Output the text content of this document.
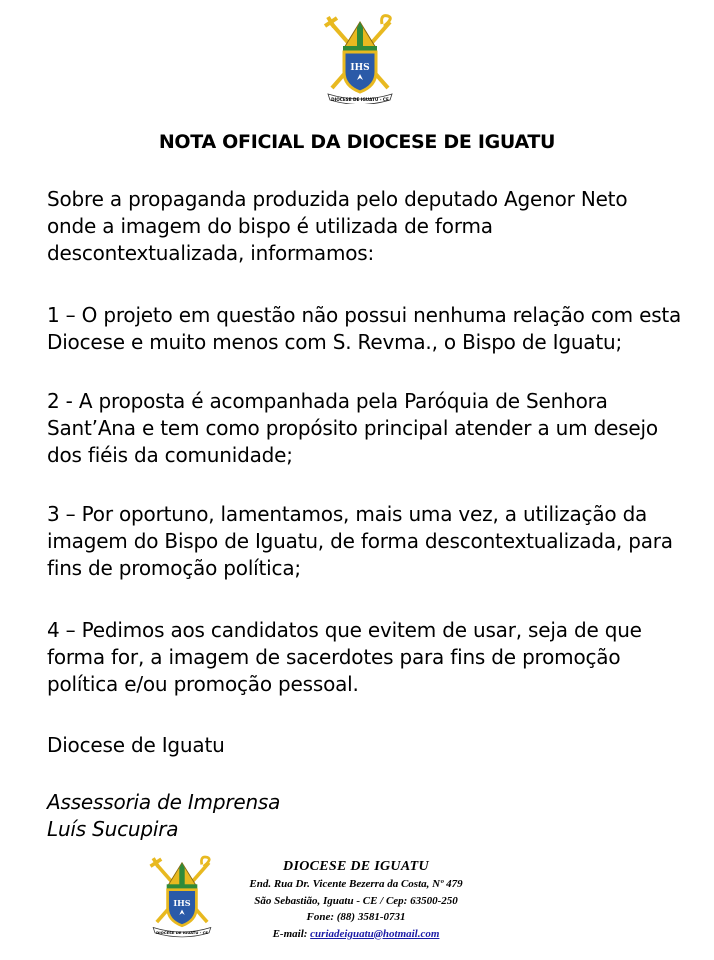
IHS
DIOCESE DE IGUATU - CE
NOTA OFICIAL DA DIOCESE DE IGUATU
Sobre a propaganda produzida pelo deputado Agenor Neto
onde a imagem do bispo é utilizada de forma
descontextualizada, informamos:
1 – O projeto em questão não possui nenhuma relação com esta
Diocese e muito menos com S. Revma., o Bispo de Iguatu;
2 - A proposta é acompanhada pela Paróquia de Senhora
Sant’Ana e tem como propósito principal atender a um desejo
dos fiéis da comunidade;
3 – Por oportuno, lamentamos, mais uma vez, a utilização da
imagem do Bispo de Iguatu, de forma descontextualizada, para
fins de promoção política;
4 – Pedimos aos candidatos que evitem de usar, seja de que
forma for, a imagem de sacerdotes para fins de promoção
política e/ou promoção pessoal.
Diocese de Iguatu
Assessoria de Imprensa
Luís Sucupira
IHS
DIOCESE DE IGUATU - CE
DIOCESE DE IGUATU
End. Rua Dr. Vicente Bezerra da Costa, Nº 479
São Sebastião, Iguatu - CE / Cep: 63500-250
Fone: (88) 3581-0731
E-mail: curiadeiguatu@hotmail.com
